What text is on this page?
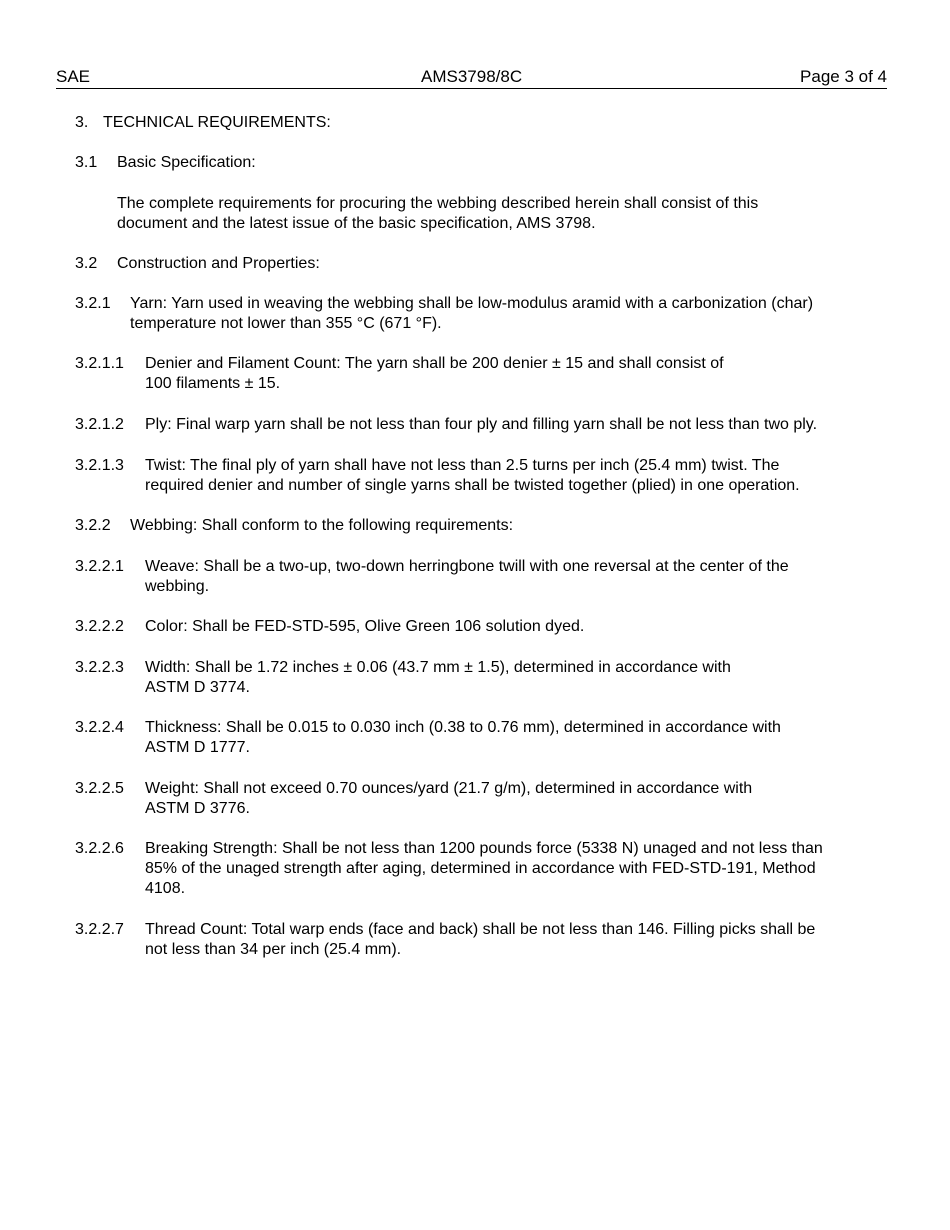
SAE	AMS3798/8C	Page 3 of 4
3. TECHNICAL REQUIREMENTS:
3.1	Basic Specification:
The complete requirements for procuring the webbing described herein shall consist of this
document and the latest issue of the basic specification, AMS 3798.
3.2	Construction and Properties:
3.2.1	Yarn: Yarn used in weaving the webbing shall be low-modulus aramid with a carbonization (char)
temperature not lower than 355 °C (671 °F).
3.2.1.1	Denier and Filament Count: The yarn shall be 200 denier ± 15 and shall consist of
100 filaments ± 15.
3.2.1.2	Ply: Final warp yarn shall be not less than four ply and filling yarn shall be not less than two ply.
3.2.1.3	Twist: The final ply of yarn shall have not less than 2.5 turns per inch (25.4 mm) twist. The
required denier and number of single yarns shall be twisted together (plied) in one operation.
3.2.2	Webbing: Shall conform to the following requirements:
3.2.2.1	Weave: Shall be a two-up, two-down herringbone twill with one reversal at the center of the
webbing.
3.2.2.2	Color: Shall be FED-STD-595, Olive Green 106 solution dyed.
3.2.2.3	Width: Shall be 1.72 inches ± 0.06 (43.7 mm ± 1.5), determined in accordance with
ASTM D 3774.
3.2.2.4	Thickness: Shall be 0.015 to 0.030 inch (0.38 to 0.76 mm), determined in accordance with
ASTM D 1777.
3.2.2.5	Weight: Shall not exceed 0.70 ounces/yard (21.7 g/m), determined in accordance with
ASTM D 3776.
3.2.2.6	Breaking Strength: Shall be not less than 1200 pounds force (5338 N) unaged and not less than
85% of the unaged strength after aging, determined in accordance with FED-STD-191, Method
4108.
3.2.2.7	Thread Count: Total warp ends (face and back) shall be not less than 146. Filling picks shall be
not less than 34 per inch (25.4 mm).
